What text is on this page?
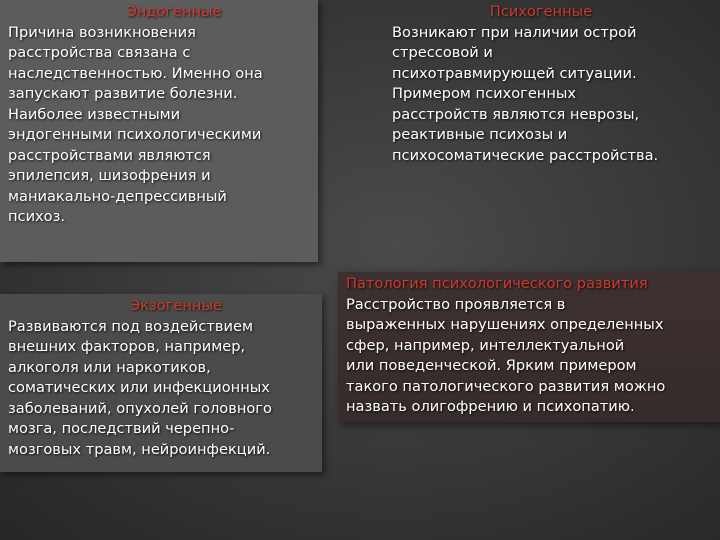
Эндогенные
Причина возникновения
расстройства связана с
наследственностью. Именно она
запускают развитие болезни.
Наиболее известными
эндогенными психологическими
расстройствами являются
эпилепсия, шизофрения и
маниакально-депрессивный
психоз.
Психогенные
Возникают при наличии острой
стрессовой и
психотравмирующей ситуации.
Примером психогенных
расстройств являются неврозы,
реактивные психозы и
психосоматические расстройства.
Экзогенные
Развиваются под воздействием
внешних факторов, например,
алкоголя или наркотиков,
соматических или инфекционных
заболеваний, опухолей головного
мозга, последствий черепно-
мозговых травм, нейроинфекций.
Патология психологического развития
Расстройство проявляется в
выраженных нарушениях определенных
сфер, например, интеллектуальной
или поведенческой. Ярким примером
такого патологического развития можно
назвать олигофрению и психопатию.
